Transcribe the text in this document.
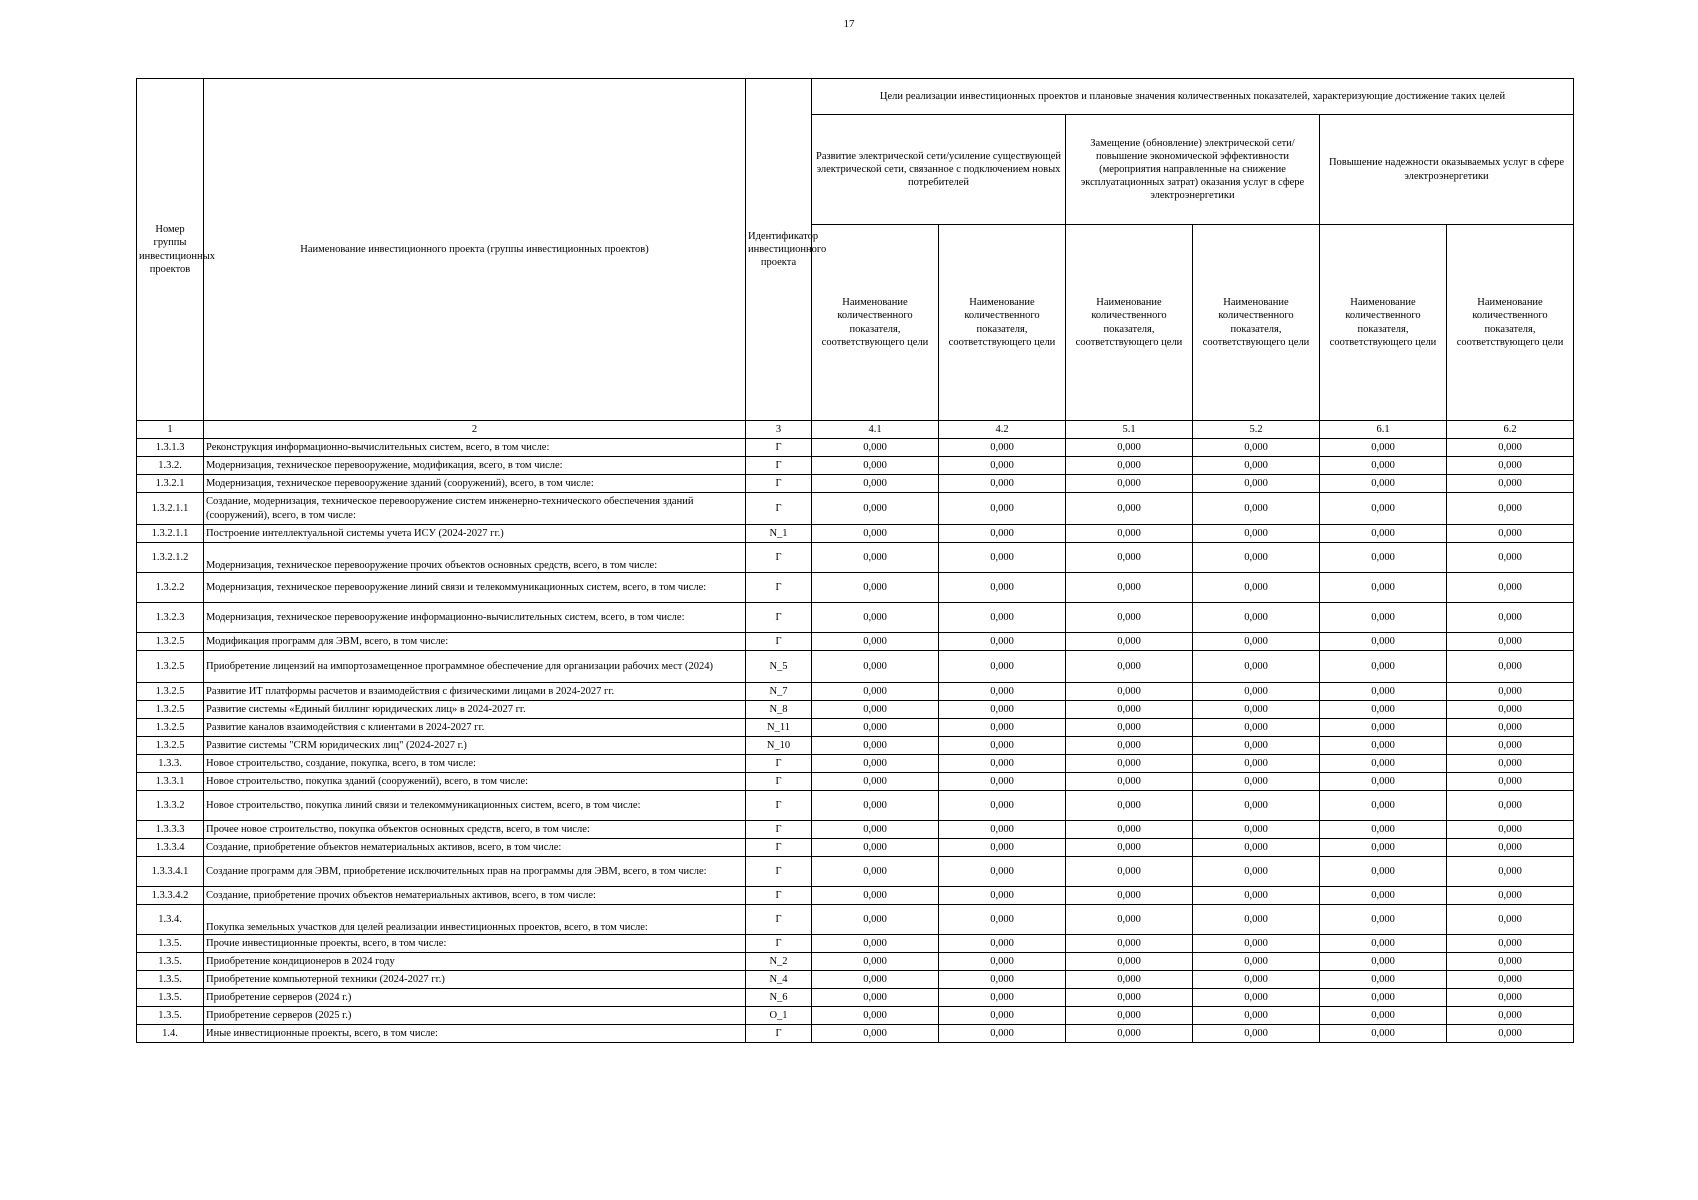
17
Номер группы инвестиционных проектов	Наименование инвестиционного проекта (группы инвестиционных проектов)	Идентификатор инвестиционного проекта	Цели реализации инвестиционных проектов и плановые значения количественных показателей, характеризующие достижение таких целей					
			Развитие электрической сети/усиление существующей электрической сети, связанное с подключением новых потребителей		Замещение (обновление) электрической сети/повышение экономической эффективности (мероприятия направленные на снижение эксплуатационных затрат) оказания услуг в сфере электроэнергетики		Повышение надежности оказываемых услуг в сфере электроэнергетики	
			Наименование количественного показателя, соответствующего цели	Наименование количественного показателя, соответствующего цели	Наименование количественного показателя, соответствующего цели	Наименование количественного показателя, соответствующего цели	Наименование количественного показателя, соответствующего цели	Наименование количественного показателя, соответствующего цели
1	2	3	4.1	4.2	5.1	5.2	6.1	6.2
1.3.1.3	Реконструкция информационно-вычислительных систем, всего, в том числе:	Г	0,000	0,000	0,000	0,000	0,000	0,000
1.3.2.	Модернизация, техническое перевооружение, модификация, всего, в том числе:	Г	0,000	0,000	0,000	0,000	0,000	0,000
1.3.2.1	Модернизация, техническое перевооружение зданий (сооружений), всего, в том числе:	Г	0,000	0,000	0,000	0,000	0,000	0,000
1.3.2.1.1	Создание, модернизация, техническое перевооружение систем инженерно-технического обеспечения зданий (сооружений), всего, в том числе:	Г	0,000	0,000	0,000	0,000	0,000	0,000
1.3.2.1.1	Построение интеллектуальной системы учета ИСУ (2024-2027 гг.)	N_1	0,000	0,000	0,000	0,000	0,000	0,000
1.3.2.1.2	Модернизация, техническое перевооружение прочих объектов основных средств, всего, в том числе:	Г	0,000	0,000	0,000	0,000	0,000	0,000
1.3.2.2	Модернизация, техническое перевооружение линий связи и телекоммуникационных систем, всего, в том числе:	Г	0,000	0,000	0,000	0,000	0,000	0,000
1.3.2.3	Модернизация, техническое перевооружение информационно-вычислительных систем, всего, в том числе:	Г	0,000	0,000	0,000	0,000	0,000	0,000
1.3.2.5	Модификация программ для ЭВМ, всего, в том числе:	Г	0,000	0,000	0,000	0,000	0,000	0,000
1.3.2.5	Приобретение лицензий на импортозамещенное программное обеспечение для организации рабочих мест (2024)	N_5	0,000	0,000	0,000	0,000	0,000	0,000
1.3.2.5	Развитие ИТ платформы расчетов и взаимодействия с физическими лицами в 2024-2027 гг.	N_7	0,000	0,000	0,000	0,000	0,000	0,000
1.3.2.5	Развитие системы «Единый биллинг юридических лиц» в 2024-2027 гг.	N_8	0,000	0,000	0,000	0,000	0,000	0,000
1.3.2.5	Развитие каналов взаимодействия с клиентами в 2024-2027 гг.	N_11	0,000	0,000	0,000	0,000	0,000	0,000
1.3.2.5	Развитие системы "CRM юридических лиц" (2024-2027 г.)	N_10	0,000	0,000	0,000	0,000	0,000	0,000
1.3.3.	Новое строительство, создание, покупка, всего, в том числе:	Г	0,000	0,000	0,000	0,000	0,000	0,000
1.3.3.1	Новое строительство, покупка зданий (сооружений), всего, в том числе:	Г	0,000	0,000	0,000	0,000	0,000	0,000
1.3.3.2	Новое строительство, покупка линий связи и телекоммуникационных систем, всего, в том числе:	Г	0,000	0,000	0,000	0,000	0,000	0,000
1.3.3.3	Прочее новое строительство, покупка объектов основных средств, всего, в том числе:	Г	0,000	0,000	0,000	0,000	0,000	0,000
1.3.3.4	Создание, приобретение объектов нематериальных активов, всего, в том числе:	Г	0,000	0,000	0,000	0,000	0,000	0,000
1.3.3.4.1	Создание программ для ЭВМ, приобретение исключительных прав на программы для ЭВМ, всего, в том числе:	Г	0,000	0,000	0,000	0,000	0,000	0,000
1.3.3.4.2	Создание, приобретение прочих объектов нематериальных активов, всего, в том числе:	Г	0,000	0,000	0,000	0,000	0,000	0,000
1.3.4.	Покупка земельных участков для целей реализации инвестиционных проектов, всего, в том числе:	Г	0,000	0,000	0,000	0,000	0,000	0,000
1.3.5.	Прочие инвестиционные проекты, всего, в том числе:	Г	0,000	0,000	0,000	0,000	0,000	0,000
1.3.5.	Приобретение кондиционеров в 2024 году	N_2	0,000	0,000	0,000	0,000	0,000	0,000
1.3.5.	Приобретение компьютерной техники (2024-2027 гг.)	N_4	0,000	0,000	0,000	0,000	0,000	0,000
1.3.5.	Приобретение серверов (2024 г.)	N_6	0,000	0,000	0,000	0,000	0,000	0,000
1.3.5.	Приобретение серверов (2025 г.)	O_1	0,000	0,000	0,000	0,000	0,000	0,000
1.4.	Иные инвестиционные проекты, всего, в том числе:	Г	0,000	0,000	0,000	0,000	0,000	0,000
